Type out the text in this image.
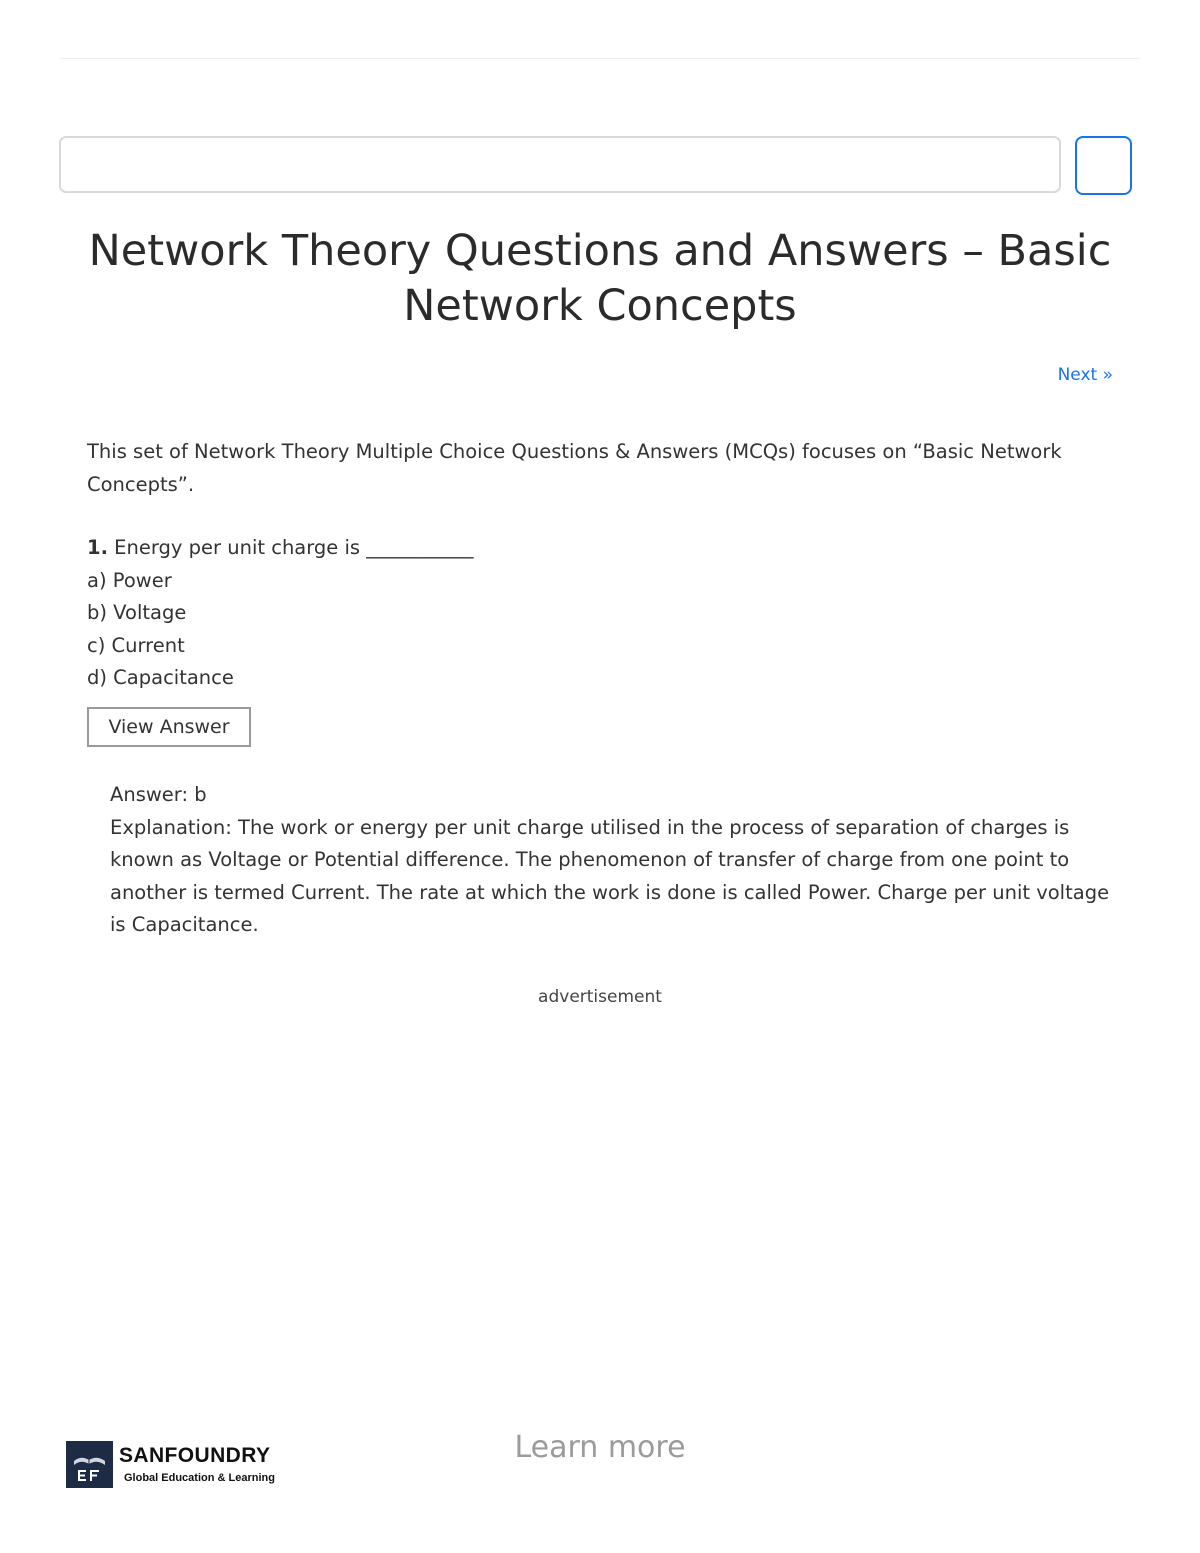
Network Theory Questions and Answers – Basic Network Concepts
Next »

This set of Network Theory Multiple Choice Questions & Answers (MCQs) focuses on “Basic Network Concepts”.

1. Energy per unit charge is ___________
a) Power
b) Voltage
c) Current
d) Capacitance
View Answer

Answer: b

Explanation: The work or energy per unit charge utilised in the process of separation of charges is known as Voltage or Potential difference. The phenomenon of transfer of charge from one point to another is termed Current. The rate at which the work is done is called Power. Charge per unit voltage is Capacitance.

advertisement
SANFOUNDRY
Global Education & Learning
Learn more
